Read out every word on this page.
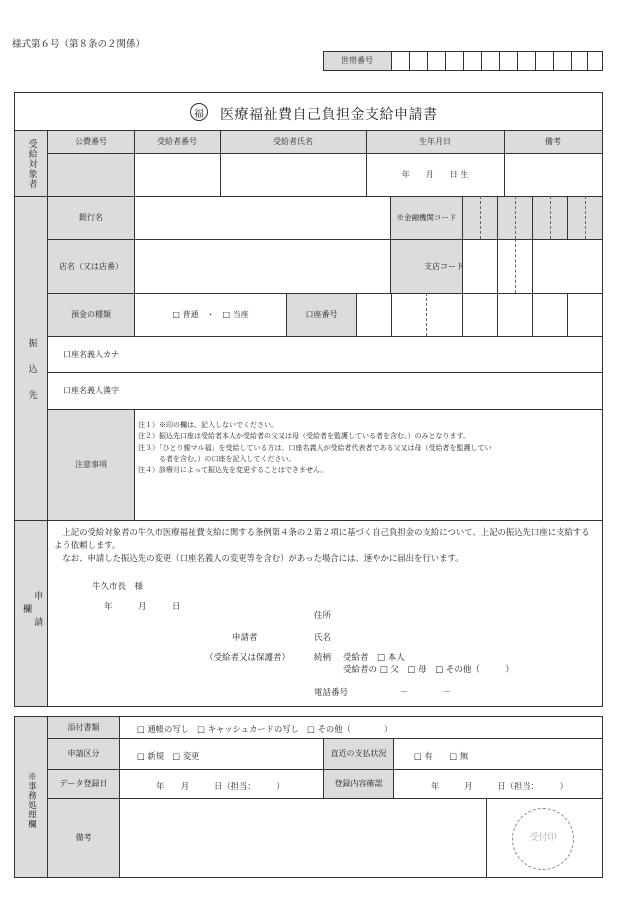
様式第６号（第８条の２関係）
世帯番号
福 医療福祉費自己負担金支給申請書
受給対象者	公費番号	受給者番号	受給者氏名	生年月日	備考
年　　月　　日 生
振　込　先
銀行名	※金融機関コード
店名（又は店番）	支店コード
預金の種類	□ 普通　・　□ 当座	口座番号
口座名義人カナ
口座名義人漢字
注意事項
注１）※印の欄は、記入しないでください。
注２）振込先口座は受給者本人か受給者の父又は母（受給者を監護している者を含む。）のみとなります。
注３）「ひとり親マル福」を受給している方は、口座名義人が受給者代表者である父又は母（受給者を監護してい
　　　る者を含む。）の口座を記入してください。
注４）診療月によって振込先を変更することはできません。
申　請　欄
　上記の受給対象者の牛久市医療福祉費支給に関する条例第４条の２第２項に基づく自己負担金の支給について、上記の振込先口座に支給するよう依頼します。
　なお、申請した振込先の変更（口座名義人の変更等を含む）があった場合には、速やかに届出を行います。
牛久市長　様
年　　　月　　　日
住所
申請者	氏名
（受給者又は保護者）	続柄 受給者　□ 本人
受給者の □ 父　□ 母　□ その他（　　　）
電話番号	－　　　　－
※事務処理欄
添付書類	□ 通帳の写し　□ キャッシュカードの写し　□ その他（　　　　）
申請区分	□ 新規　□ 変更	直近の支払状況	□ 有　　□ 無
データ登録日	年　　月　　　日（担当：　　　）	登録内容確認	年　　　月　　　日（担当：　　　）
備考	受付印
